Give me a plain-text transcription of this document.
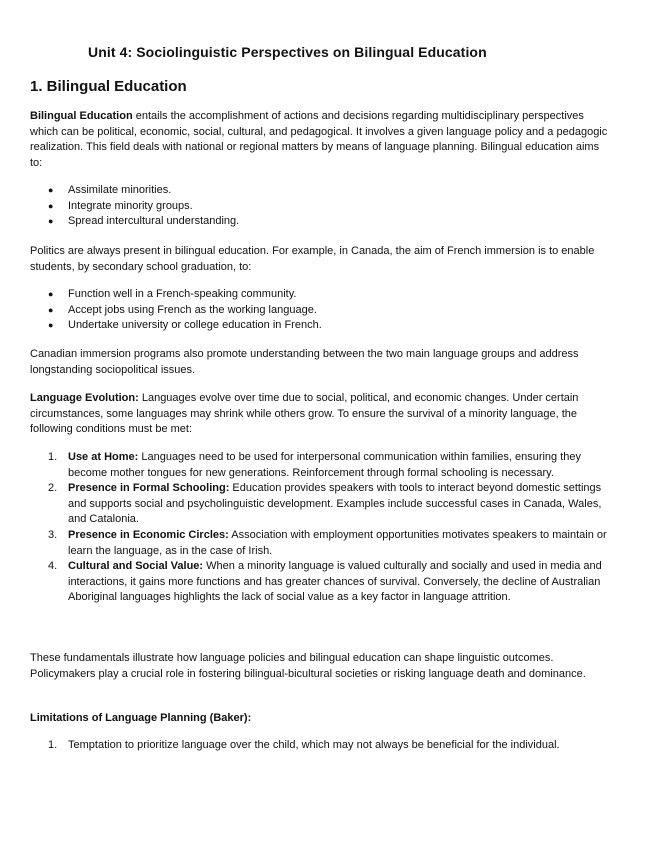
Unit 4: Sociolinguistic Perspectives on Bilingual Education
1. Bilingual Education

Bilingual Education entails the accomplishment of actions and decisions regarding multidisciplinary perspectives which can be political, economic, social, cultural, and pedagogical. It involves a given language policy and a pedagogic realization. This field deals with national or regional matters by means of language planning. Bilingual education aims to:

● Assimilate minorities.
● Integrate minority groups.
● Spread intercultural understanding.

Politics are always present in bilingual education. For example, in Canada, the aim of French immersion is to enable students, by secondary school graduation, to:

● Function well in a French-speaking community.
● Accept jobs using French as the working language.
● Undertake university or college education in French.

Canadian immersion programs also promote understanding between the two main language groups and address longstanding sociopolitical issues.

Language Evolution: Languages evolve over time due to social, political, and economic changes. Under certain circumstances, some languages may shrink while others grow. To ensure the survival of a minority language, the following conditions must be met:

1. Use at Home: Languages need to be used for interpersonal communication within families, ensuring they become mother tongues for new generations. Reinforcement through formal schooling is necessary.
2. Presence in Formal Schooling: Education provides speakers with tools to interact beyond domestic settings and supports social and psycholinguistic development. Examples include successful cases in Canada, Wales, and Catalonia.
3. Presence in Economic Circles: Association with employment opportunities motivates speakers to maintain or learn the language, as in the case of Irish.
4. Cultural and Social Value: When a minority language is valued culturally and socially and used in media and interactions, it gains more functions and has greater chances of survival. Conversely, the decline of Australian Aboriginal languages highlights the lack of social value as a key factor in language attrition.

These fundamentals illustrate how language policies and bilingual education can shape linguistic outcomes. Policymakers play a crucial role in fostering bilingual-bicultural societies or risking language death and dominance.

Limitations of Language Planning (Baker):

1. Temptation to prioritize language over the child, which may not always be beneficial for the individual.
